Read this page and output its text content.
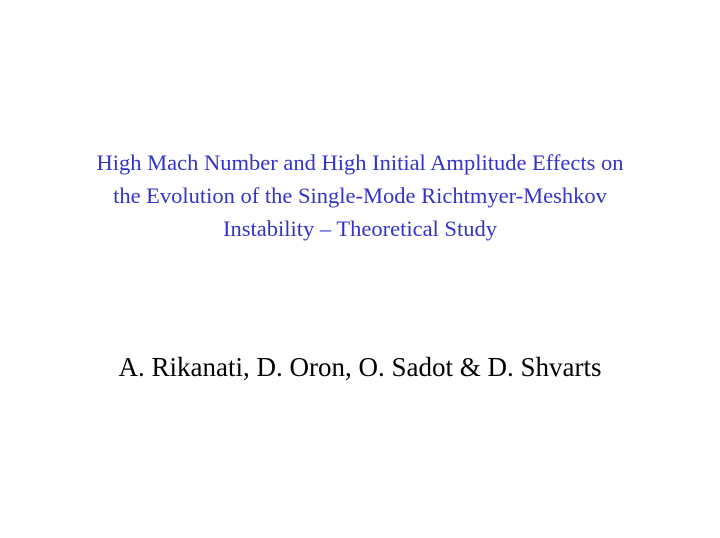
High Mach Number and High Initial Amplitude Effects on
the Evolution of the Single-Mode Richtmyer-Meshkov
Instability – Theoretical Study
A. Rikanati, D. Oron, O. Sadot & D. Shvarts
